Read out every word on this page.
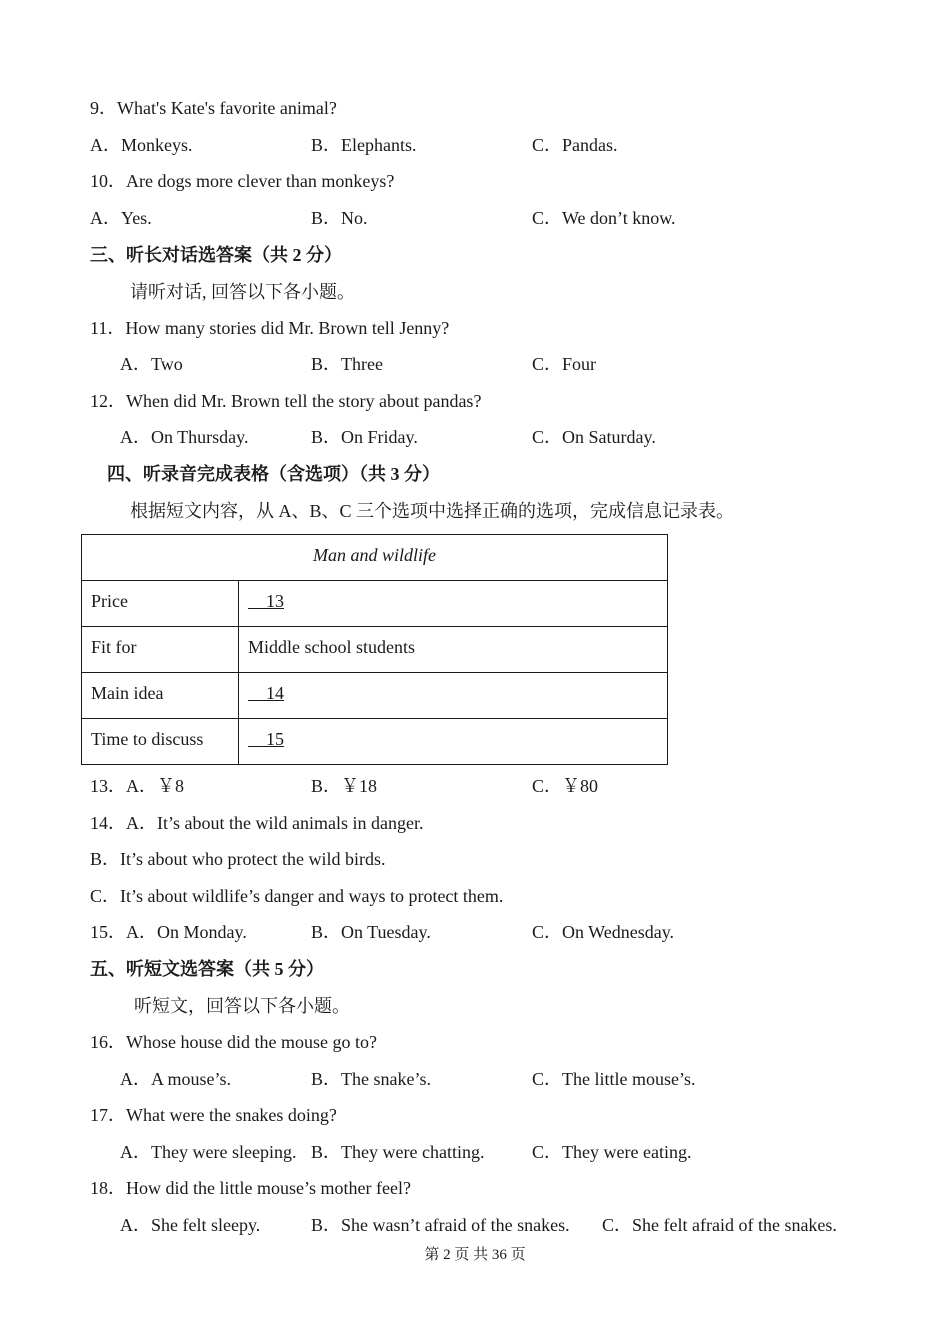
9．What's Kate's favorite animal?
A．Monkeys.	B．Elephants.	C．Pandas.
10．Are dogs more clever than monkeys?
A．Yes.	B．No.	C．We don’t know.
三、听长对话选答案（共 2 分）
请听对话, 回答以下各小题。
11．How many stories did Mr. Brown tell Jenny?
A．Two	B．Three	C．Four
12．When did Mr. Brown tell the story about pandas?
A．On Thursday.	B．On Friday.	C．On Saturday.
四、听录音完成表格（含选项）（共 3 分）
根据短文内容，从 A、B、C 三个选项中选择正确的选项，完成信息记录表。
Man and wildlife	
Price	13
Fit for	Middle school students
Main idea	14
Time to discuss	15
13．A．￥8	B．￥18	C．￥80
14．A．It’s about the wild animals in danger.
B．It’s about who protect the wild birds.
C．It’s about wildlife’s danger and ways to protect them.
15．A．On Monday.	B．On Tuesday.	C．On Wednesday.
五、听短文选答案（共 5 分）
听短文，回答以下各小题。
16．Whose house did the mouse go to?
A．A mouse’s.	B．The snake’s.	C．The little mouse’s.
17．What were the snakes doing?
A．They were sleeping. B．They were chatting.	C．They were eating.
18．How did the little mouse’s mother feel?
A．She felt sleepy.	B．She wasn’t afraid of the snakes. C．She felt afraid of the snakes.
第 2 页 共 36 页
